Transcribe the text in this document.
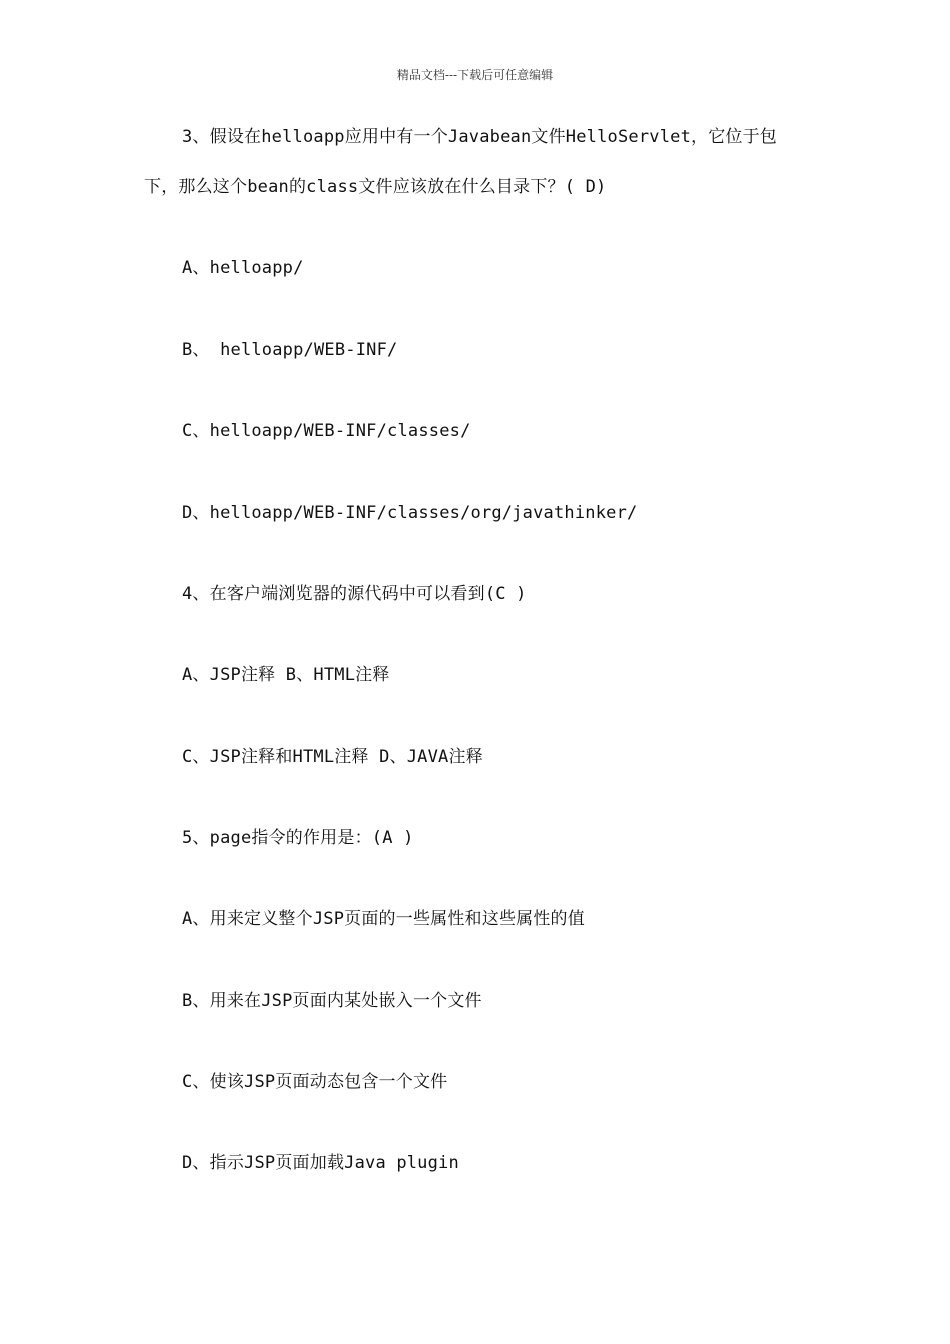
精品文档---下载后可任意编辑
3、假设在helloapp应用中有一个Javabean文件HelloServlet，它位于包
下，那么这个bean的class文件应该放在什么目录下？( D)
A、helloapp/
B、 helloapp/WEB-INF/
C、helloapp/WEB-INF/classes/
D、helloapp/WEB-INF/classes/org/javathinker/
4、在客户端浏览器的源代码中可以看到(C )
A、JSP注释 B、HTML注释
C、JSP注释和HTML注释 D、JAVA注释
5、page指令的作用是：(A )
A、用来定义整个JSP页面的一些属性和这些属性的值
B、用来在JSP页面内某处嵌入一个文件
C、使该JSP页面动态包含一个文件
D、指示JSP页面加载Java plugin
